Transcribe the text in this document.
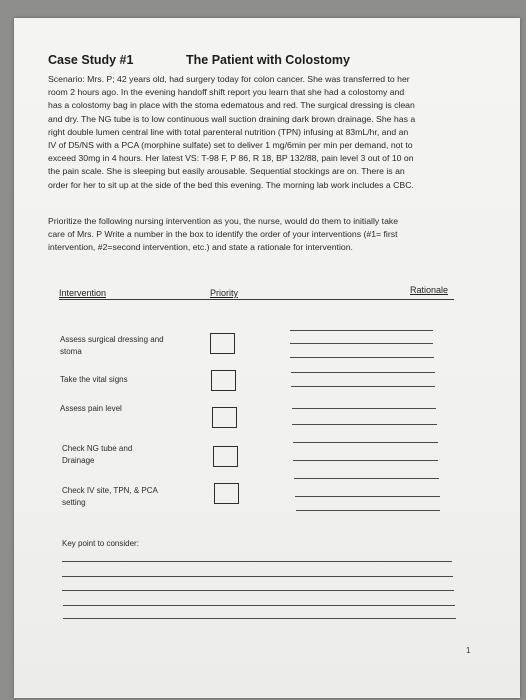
Case Study #1	The Patient with Colostomy

Scenario: Mrs. P; 42 years old, had surgery today for colon cancer. She was transferred to her

room 2 hours ago. In the evening handoff shift report you learn that she had a colostomy and

has a colostomy bag in place with the stoma edematous and red. The surgical dressing is clean

and dry. The NG tube is to low continuous wall suction draining dark brown drainage. She has a

right double lumen central line with total parenteral nutrition (TPN) infusing at 83mL/hr, and an

IV of D5/NS with a PCA (morphine sulfate) set to deliver 1 mg/6min per min per demand, not to

exceed 30mg in 4 hours. Her latest VS: T-98 F, P 86, R 18, BP 132/88, pain level 3 out of 10 on

the pain scale. She is sleeping but easily arousable. Sequential stockings are on. There is an

order for her to sit up at the side of the bed this evening. The morning lab work includes a CBC.

Prioritize the following nursing intervention as you, the nurse, would do them to initially take

care of Mrs. P Write a number in the box to identify the order of your interventions (#1= first

intervention, #2=second intervention, etc.) and state a rationale for intervention.

Intervention	Priority	Rationale
Assess surgical dressing and stoma
Take the vital signs
Assess pain level
Check NG tube and Drainage
Check IV site, TPN, & PCA setting
Key point to consider:
1
